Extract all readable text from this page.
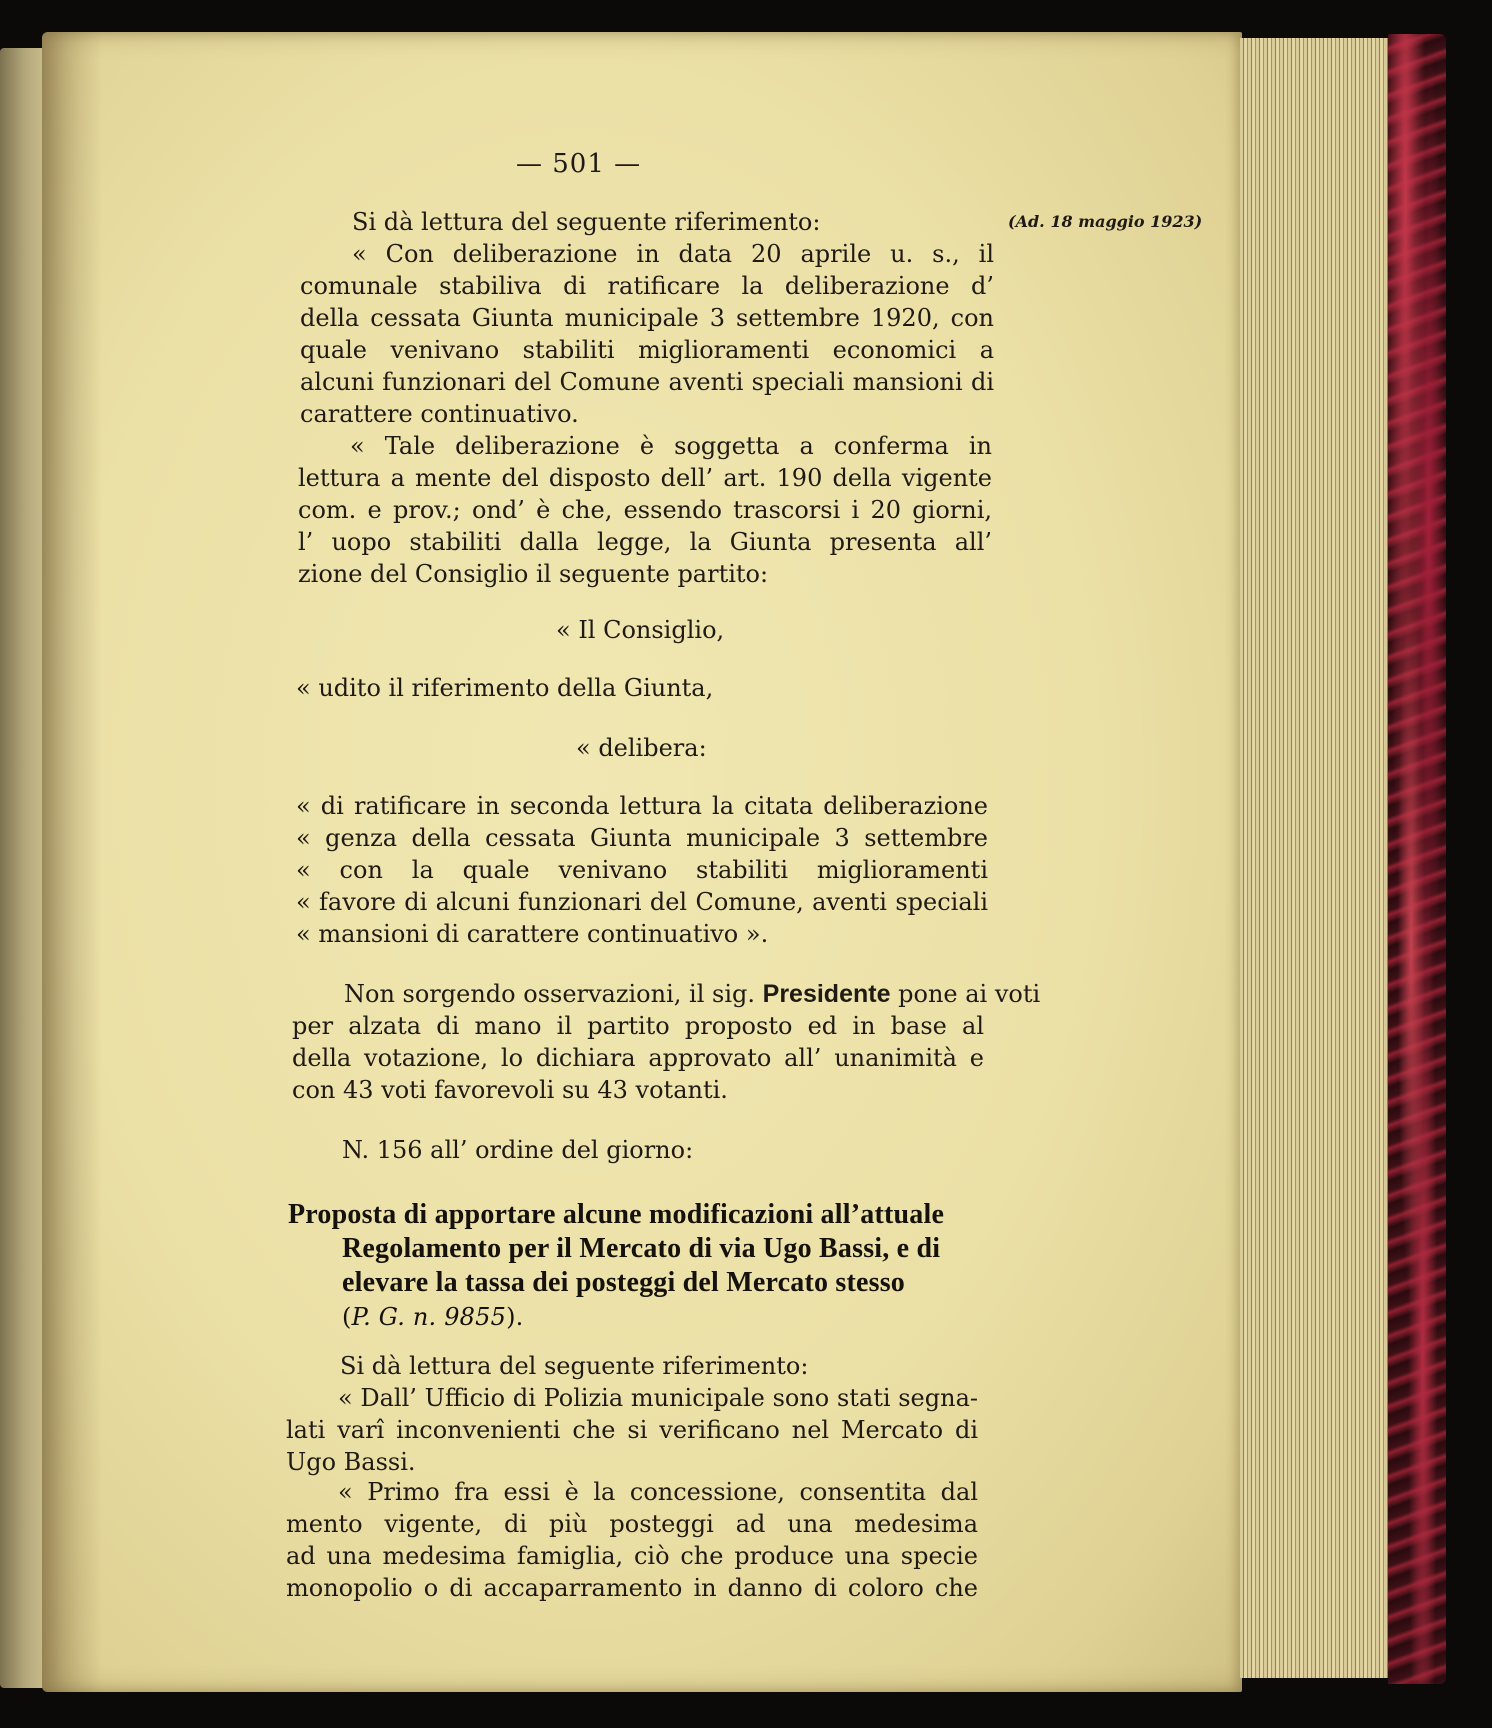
— 501 —
(Ad. 18 maggio 1923)
Si dà lettura del seguente riferimento:
« Con deliberazione in data 20 aprile u. s., il
comunale stabiliva di ratificare la deliberazione d’
della cessata Giunta municipale 3 settembre 1920, con
quale venivano stabiliti miglioramenti economici a
alcuni funzionari del Comune aventi speciali mansioni di
carattere continuativo.
« Tale deliberazione è soggetta a conferma in
lettura a mente del disposto dell’ art. 190 della vigente
com. e prov.; ond’ è che, essendo trascorsi i 20 giorni,
l’ uopo stabiliti dalla legge, la Giunta presenta all’
zione del Consiglio il seguente partito:
« Il Consiglio,
« udito il riferimento della Giunta,
« delibera:
« di ratificare in seconda lettura la citata deliberazione
« genza della cessata Giunta municipale 3 settembre
« con la quale venivano stabiliti miglioramenti
« favore di alcuni funzionari del Comune, aventi speciali
« mansioni di carattere continuativo ».
Non sorgendo osservazioni, il sig. Presidente pone ai voti
per alzata di mano il partito proposto ed in base al
della votazione, lo dichiara approvato all’ unanimità e
con 43 voti favorevoli su 43 votanti.
N. 156 all’ ordine del giorno:
Proposta di apportare alcune modificazioni all’attuale
Regolamento per il Mercato di via Ugo Bassi, e di
elevare la tassa dei posteggi del Mercato stesso
(P. G. n. 9855).
Si dà lettura del seguente riferimento:
« Dall’ Ufficio di Polizia municipale sono stati segna-
lati varî inconvenienti che si verificano nel Mercato di
Ugo Bassi.
« Primo fra essi è la concessione, consentita dal
mento vigente, di più posteggi ad una medesima
ad una medesima famiglia, ciò che produce una specie
monopolio o di accaparramento in danno di coloro che
